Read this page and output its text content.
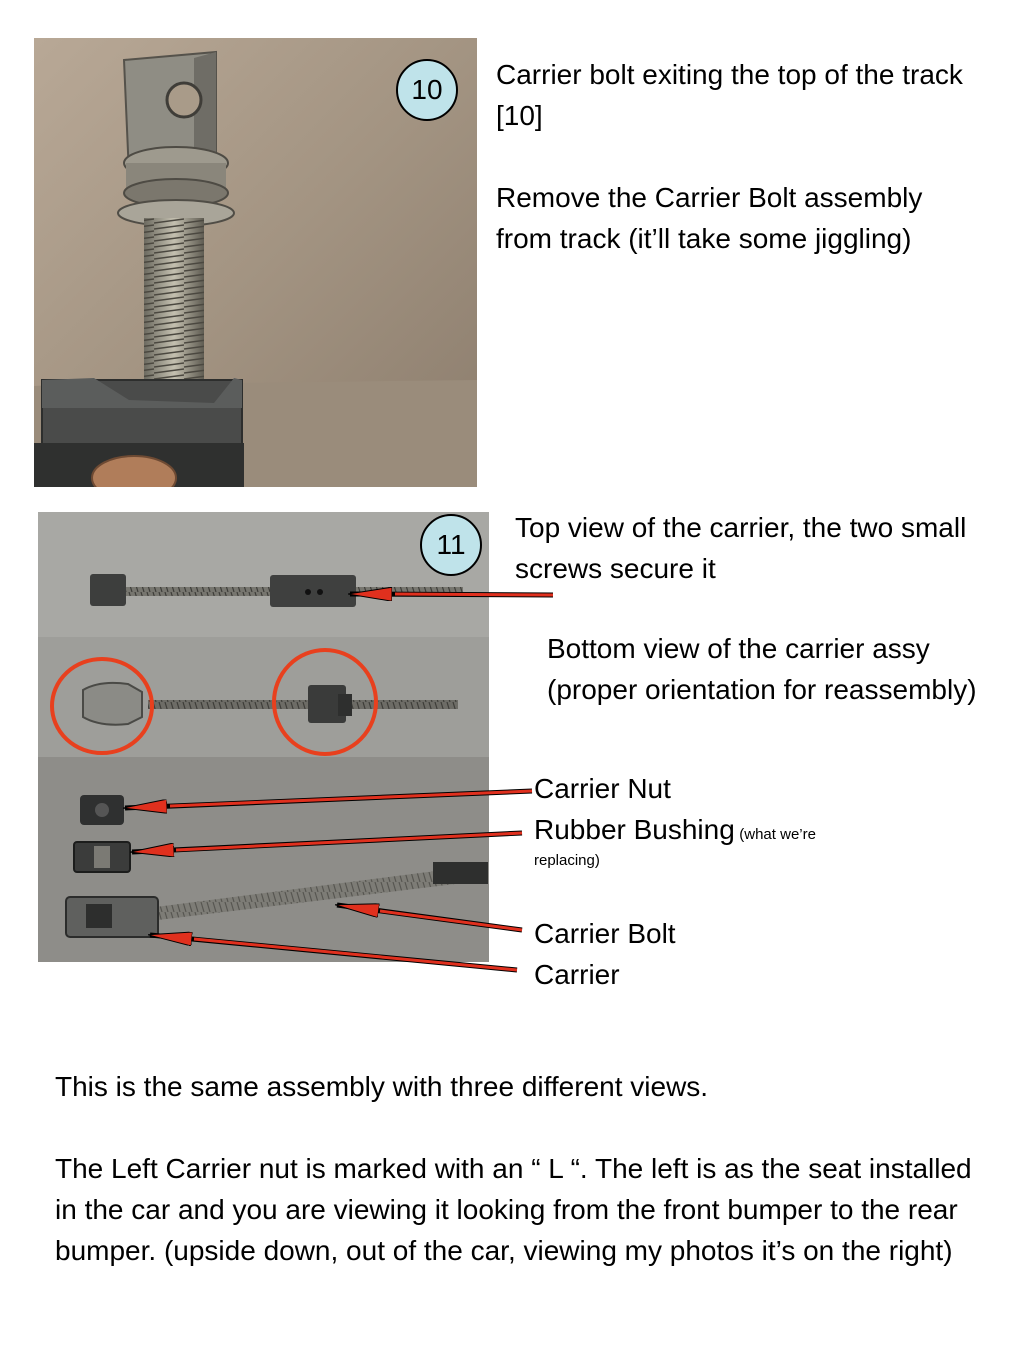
10	Carrier bolt exiting the top of the track [10]
Remove the Carrier Bolt assembly from track (it’ll take some jiggling)
11
Top view of the carrier, the two small screws secure it
Bottom view of the carrier assy (proper orientation for reassembly)
Carrier Nut
Rubber Bushing (what we’re replacing)
Carrier Bolt
Carrier
This is the same assembly with three different views.
The Left Carrier nut is marked with an “ L “. The left is as the seat installed in the car and you are viewing it looking from the front bumper to the rear bumper. (upside down, out of the car, viewing my photos it’s on the right)
